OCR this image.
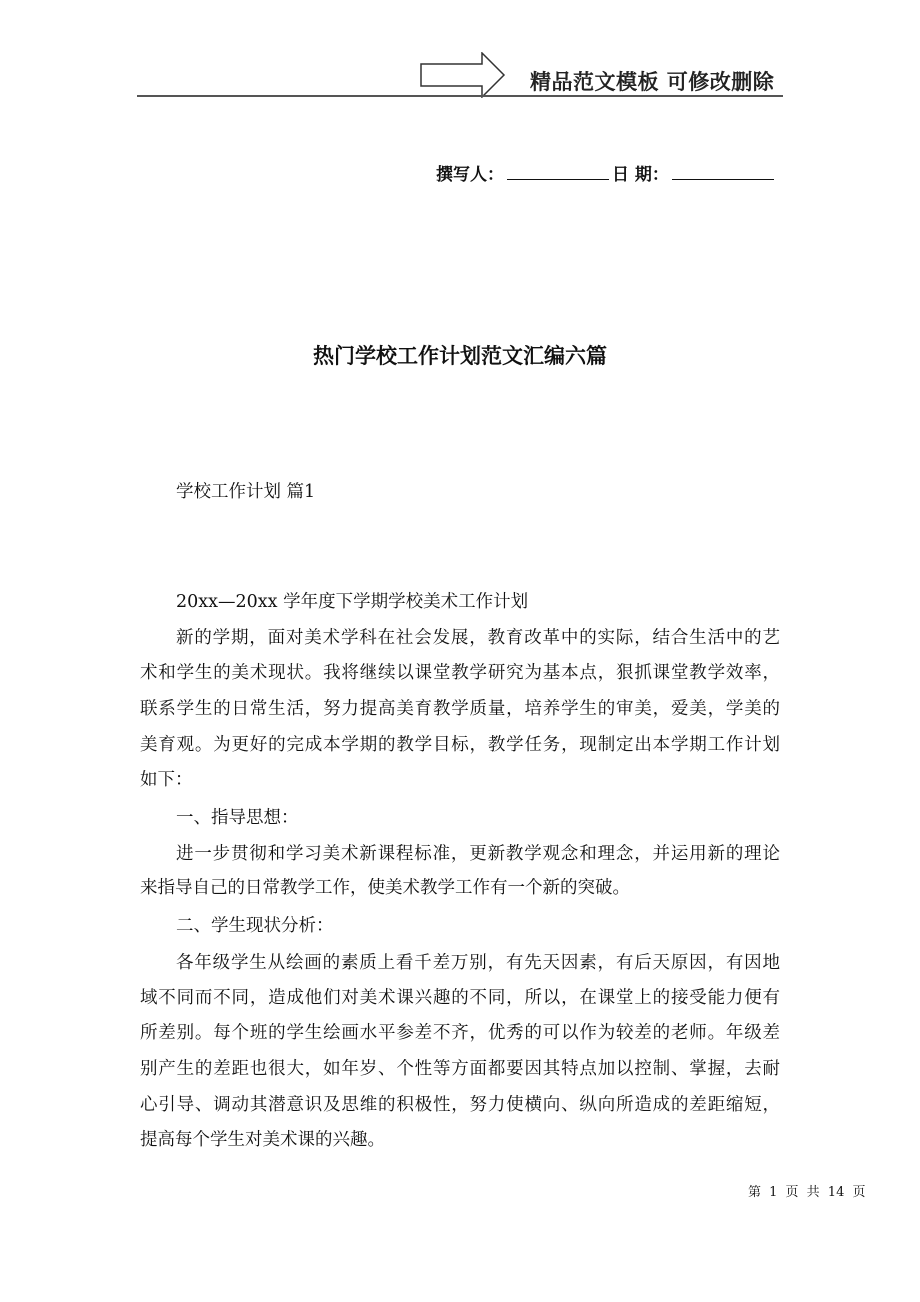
精品范文模板 可修改删除
撰写人：	日 期：
热门学校工作计划范文汇编六篇
学校工作计划 篇1
20xx—20xx 学年度下学期学校美术工作计划
新的学期，面对美术学科在社会发展，教育改革中的实际，结合生活中的艺
术和学生的美术现状。我将继续以课堂教学研究为基本点，狠抓课堂教学效率，
联系学生的日常生活，努力提高美育教学质量，培养学生的审美，爱美，学美的
美育观。为更好的完成本学期的教学目标，教学任务，现制定出本学期工作计划
如下：
一、指导思想：
进一步贯彻和学习美术新课程标准，更新教学观念和理念，并运用新的理论
来指导自己的日常教学工作，使美术教学工作有一个新的突破。
二、学生现状分析：
各年级学生从绘画的素质上看千差万别，有先天因素，有后天原因，有因地
域不同而不同，造成他们对美术课兴趣的不同，所以，在课堂上的接受能力便有
所差别。每个班的学生绘画水平参差不齐，优秀的可以作为较差的老师。年级差
别产生的差距也很大，如年岁、个性等方面都要因其特点加以控制、掌握，去耐
心引导、调动其潜意识及思维的积极性，努力使横向、纵向所造成的差距缩短，
提高每个学生对美术课的兴趣。
第 1 页 共 14 页
